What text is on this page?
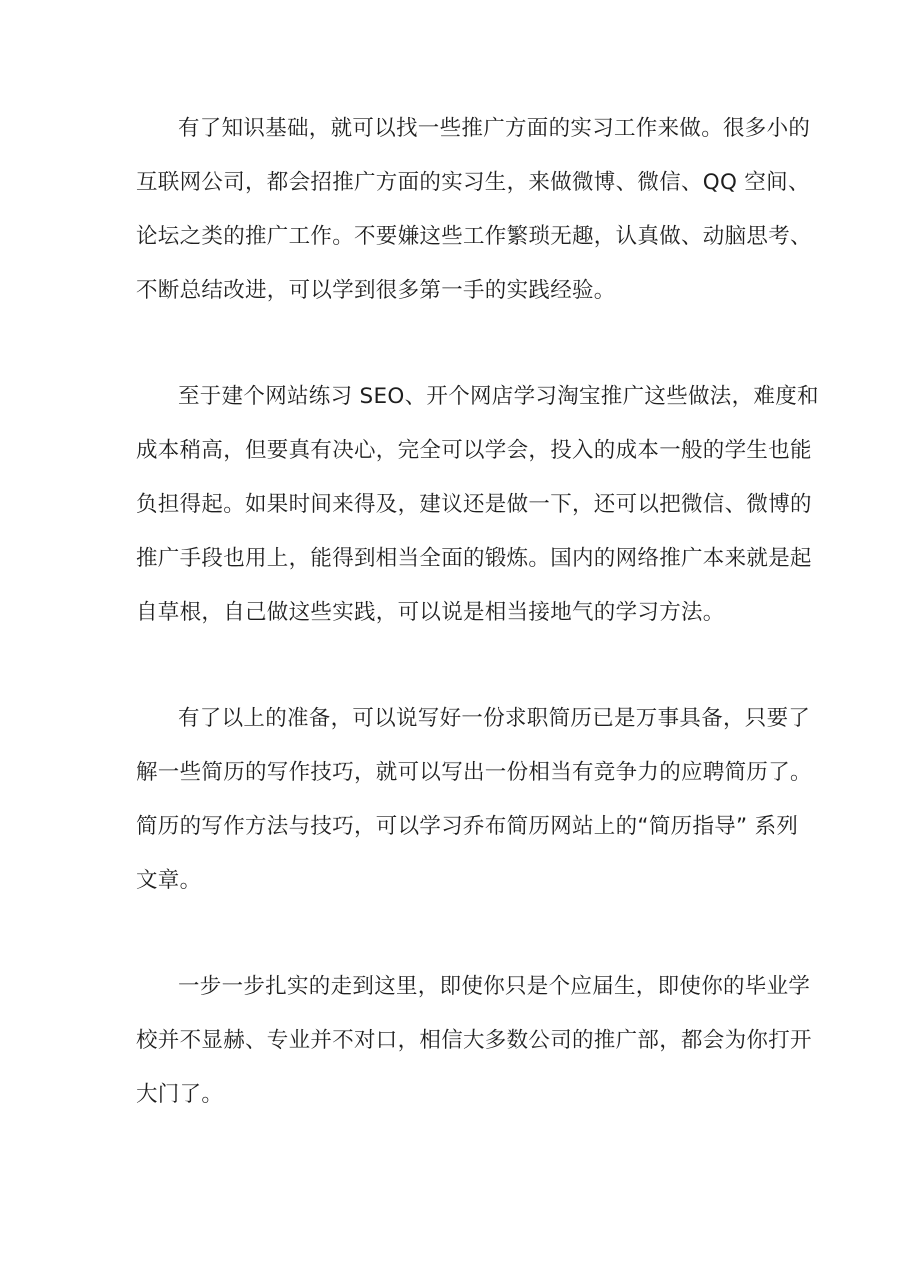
有了知识基础，就可以找一些推广方面的实习工作来做。很多小的
互联网公司，都会招推广方面的实习生，来做微博、微信、QQ 空间、
论坛之类的推广工作。不要嫌这些工作繁琐无趣，认真做、动脑思考、
不断总结改进，可以学到很多第一手的实践经验。
至于建个网站练习 SEO、开个网店学习淘宝推广这些做法，难度和
成本稍高，但要真有决心，完全可以学会，投入的成本一般的学生也能
负担得起。如果时间来得及，建议还是做一下，还可以把微信、微博的
推广手段也用上，能得到相当全面的锻炼。国内的网络推广本来就是起
自草根，自己做这些实践，可以说是相当接地气的学习方法。
有了以上的准备，可以说写好一份求职简历已是万事具备，只要了
解一些简历的写作技巧，就可以写出一份相当有竞争力的应聘简历了。
简历的写作方法与技巧，可以学习乔布简历网站上的“简历指导” 系列
文章。
一步一步扎实的走到这里，即使你只是个应届生，即使你的毕业学
校并不显赫、专业并不对口，相信大多数公司的推广部，都会为你打开
大门了。
